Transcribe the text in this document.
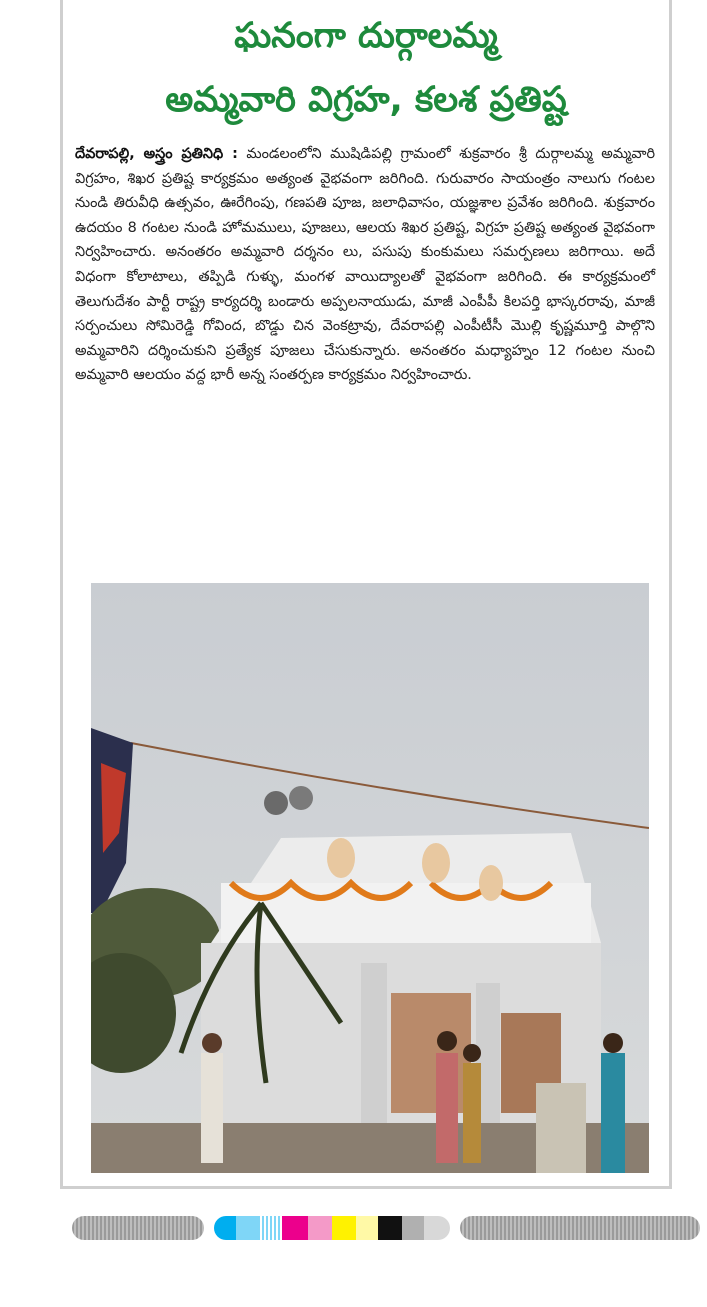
ఘనంగా దుర్గాలమ్మ
అమ్మవారి విగ్రహ, కలశ ప్రతిష్ట
దేవరాపల్లి, అస్త్రం ప్రతినిధి : మండలంలోని ముషిడిపల్లి గ్రామంలో శుక్రవారం శ్రీ దుర్గాలమ్మ అమ్మవారి విగ్రహం, శిఖర ప్రతిష్ట కార్యక్రమం అత్యంత వైభవంగా జరిగింది. గురువారం సాయంత్రం నాలుగు గంటల నుండి తిరువీధి ఉత్సవం, ఊరేగింపు, గణపతి పూజ, జలాధివాసం, యజ్ఞశాల ప్రవేశం జరిగింది. శుక్రవారం ఉదయం 8 గంటల నుండి హోమములు, పూజలు, ఆలయ శిఖర ప్రతిష్ట, విగ్రహ ప్రతిష్ట అత్యంత వైభవంగా నిర్వహించారు. అనంతరం అమ్మవారి దర్శనం లు, పసుపు కుంకుమలు సమర్పణలు జరిగాయి. అదే విధంగా కోలాటాలు, తప్పిడి గుళ్ళు, మంగళ వాయిద్యాలతో వైభవంగా జరిగింది. ఈ కార్యక్రమంలో తెలుగుదేశం పార్టీ రాష్ట్ర కార్యదర్శి బండారు అప్పలనాయుడు, మాజీ ఎంపీపీ కిలపర్తి భాస్కరరావు, మాజీ సర్పంచులు సోమిరెడ్డి గోవింద, బొడ్డు చిన వెంకట్రావు, దేవరాపల్లి ఎంపీటీసీ మొల్లి కృష్ణమూర్తి పాల్గొని అమ్మవారిని దర్శించుకుని ప్రత్యేక పూజలు చేసుకున్నారు. అనంతరం మధ్యాహ్నం 12 గంటల నుంచి అమ్మవారి ఆలయం వద్ద భారీ అన్న సంతర్పణ కార్యక్రమం నిర్వహించారు.
